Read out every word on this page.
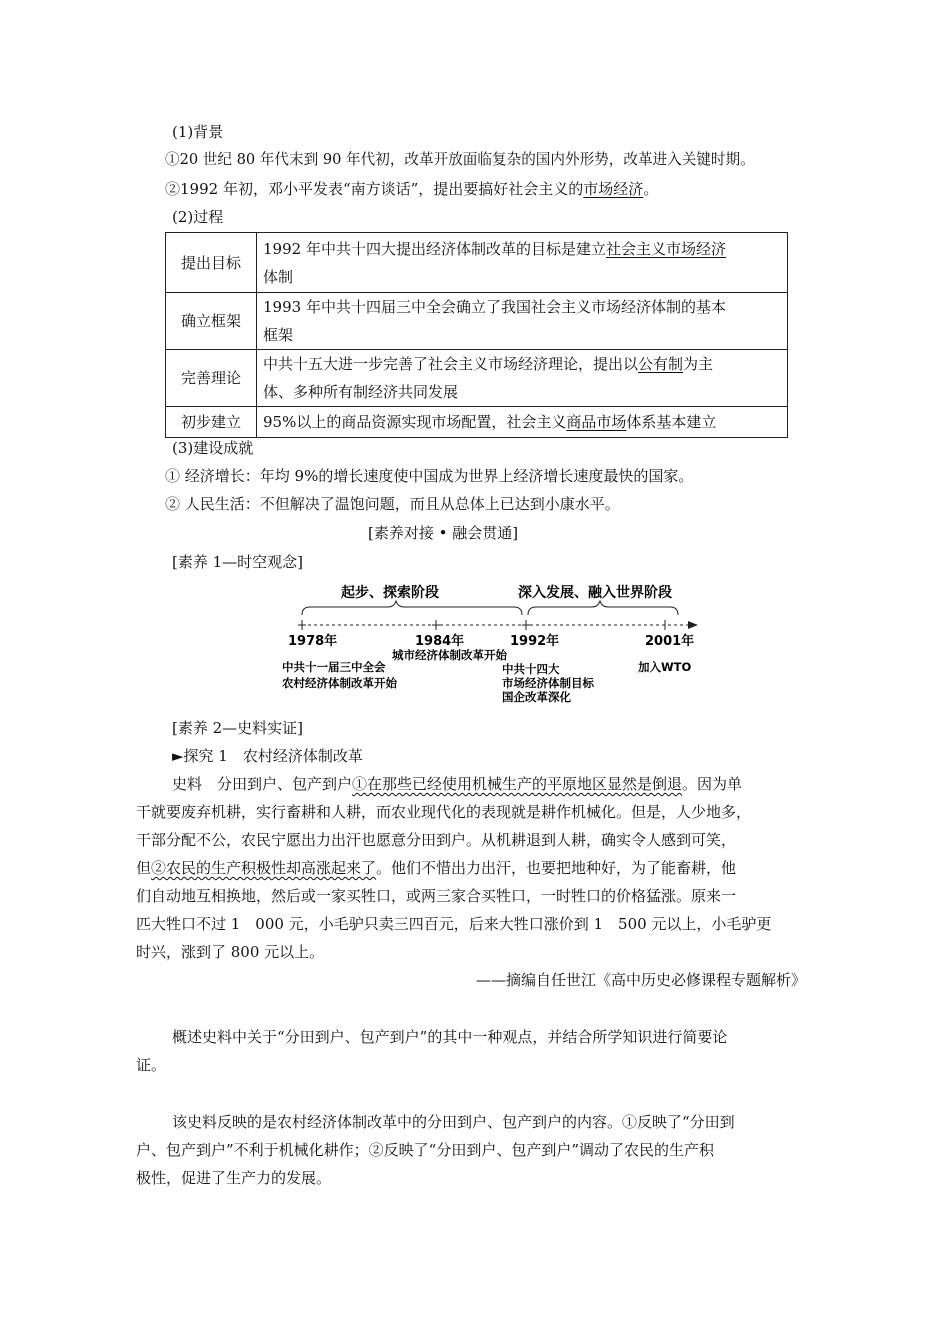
(1)背景
①20 世纪 80 年代末到 90 年代初，改革开放面临复杂的国内外形势，改革进入关键时期。
②1992 年初，邓小平发表“南方谈话”，提出要搞好社会主义的市场经济。
(2)过程
提出目标	1992 年中共十四大提出经济体制改革的目标是建立社会主义市场经济
体制
确立框架	1993 年中共十四届三中全会确立了我国社会主义市场经济体制的基本
框架
完善理论	中共十五大进一步完善了社会主义市场经济理论，提出以公有制为主
体、多种所有制经济共同发展
初步建立	95%以上的商品资源实现市场配置，社会主义商品市场体系基本建立
(3)建设成就
① 经济增长：年均 9%的增长速度使中国成为世界上经济增长速度最快的国家。
② 人民生活：不但解决了温饱问题，而且从总体上已达到小康水平。
[素养对接 • 融会贯通]
[素养 1—时空观念]
起步、探索阶段	深入发展、融入世界阶段
1978年	1984年	1992年	2001年
城市经济体制改革开始
中共十一届三中全会
农村经济体制改革开始
中共十四大
市场经济体制目标
国企改革深化
加入WTO
[素养 2—史料实证]
►探究 1　农村经济体制改革
史料　分田到户、包产到户①在那些已经使用机械生产的平原地区显然是倒退。因为单
干就要废弃机耕，实行畜耕和人耕，而农业现代化的表现就是耕作机械化。但是，人少地多，
干部分配不公，农民宁愿出力出汗也愿意分田到户。从机耕退到人耕，确实令人感到可笑，
但②农民的生产积极性却高涨起来了。他们不惜出力出汗，也要把地种好，为了能畜耕，他
们自动地互相换地，然后或一家买牲口，或两三家合买牲口，一时牲口的价格猛涨。原来一
匹大牲口不过 1　000 元，小毛驴只卖三四百元，后来大牲口涨价到 1　500 元以上，小毛驴更
时兴，涨到了 800 元以上。
——摘编自任世江《高中历史必修课程专题解析》
概述史料中关于“分田到户、包产到户”的其中一种观点，并结合所学知识进行简要论
证。
该史料反映的是农村经济体制改革中的分田到户、包产到户的内容。①反映了“分田到
户、包产到户”不利于机械化耕作；②反映了“分田到户、包产到户”调动了农民的生产积
极性，促进了生产力的发展。
